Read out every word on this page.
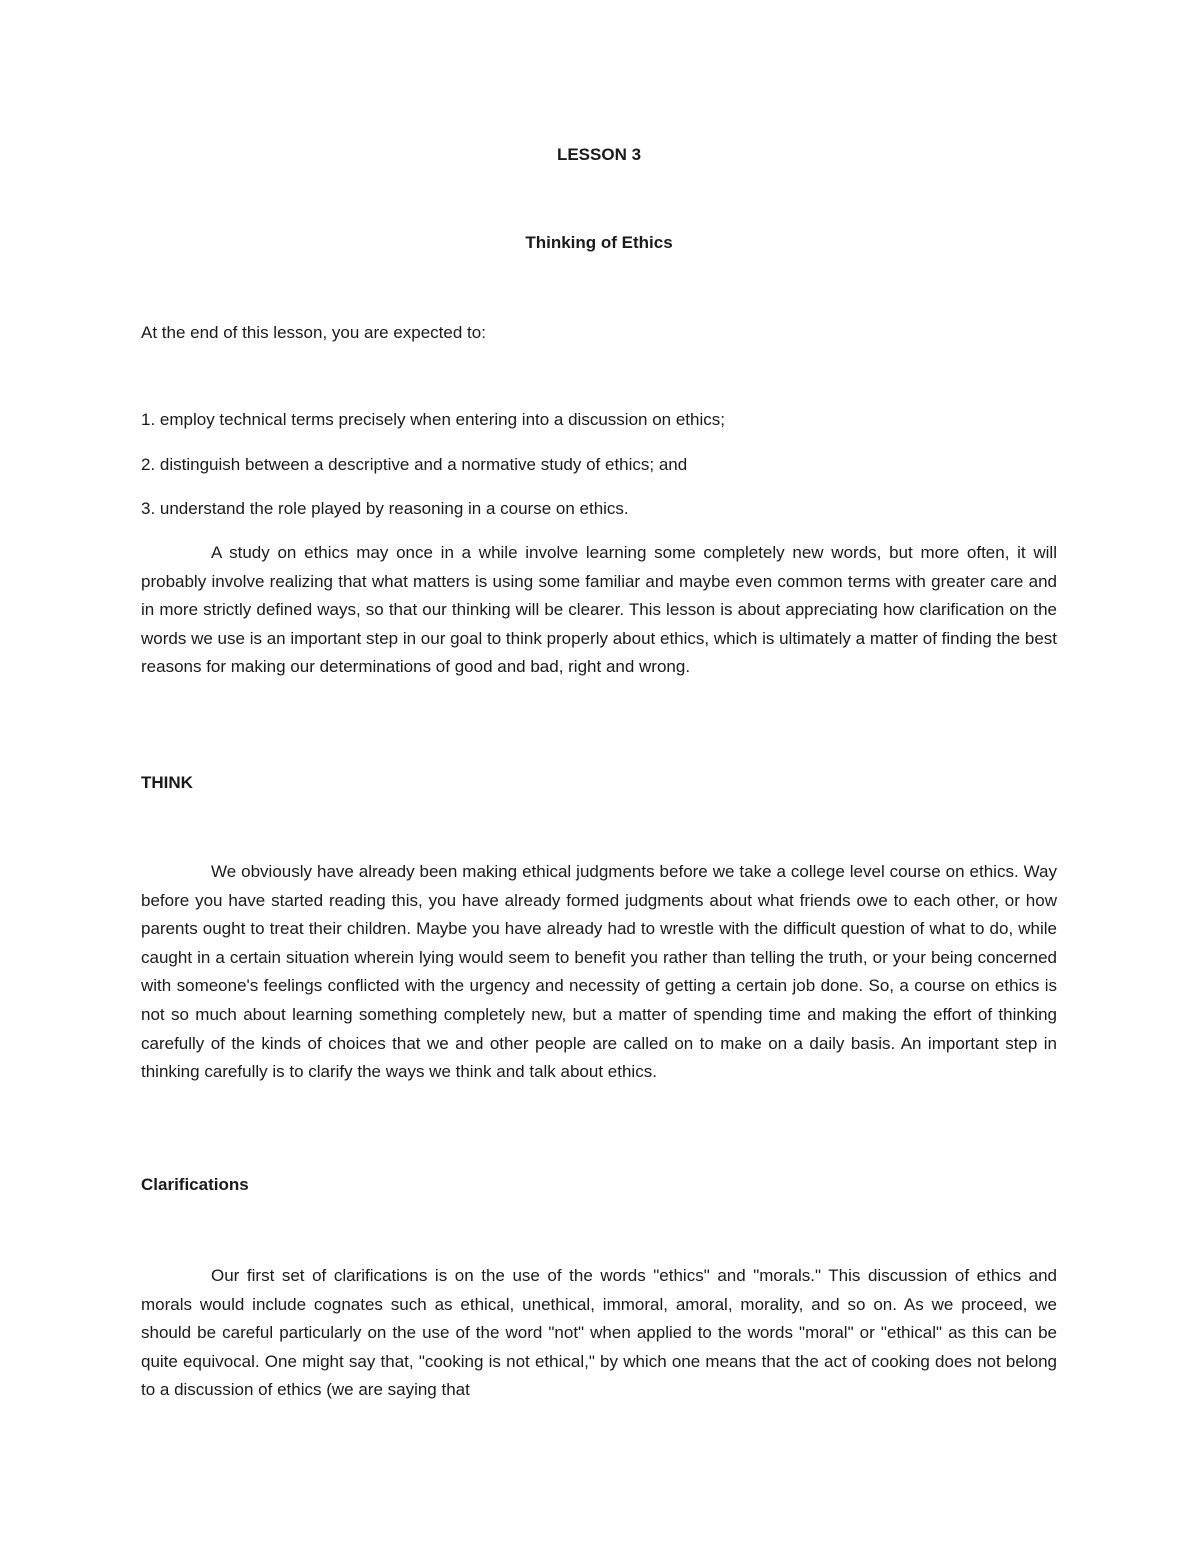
LESSON 3
Thinking of Ethics

At the end of this lesson, you are expected to:

1. employ technical terms precisely when entering into a discussion on ethics;

2. distinguish between a descriptive and a normative study of ethics; and

3. understand the role played by reasoning in a course on ethics.

A study on ethics may once in a while involve learning some completely new words, but more often, it will probably involve realizing that what matters is using some familiar and maybe even common terms with greater care and in more strictly defined ways, so that our thinking will be clearer. This lesson is about appreciating how clarification on the words we use is an important step in our goal to think properly about ethics, which is ultimately a matter of finding the best reasons for making our determinations of good and bad, right and wrong.

THINK

We obviously have already been making ethical judgments before we take a college level course on ethics. Way before you have started reading this, you have already formed judgments about what friends owe to each other, or how parents ought to treat their children. Maybe you have already had to wrestle with the difficult question of what to do, while caught in a certain situation wherein lying would seem to benefit you rather than telling the truth, or your being concerned with someone's feelings conflicted with the urgency and necessity of getting a certain job done. So, a course on ethics is not so much about learning something completely new, but a matter of spending time and making the effort of thinking carefully of the kinds of choices that we and other people are called on to make on a daily basis. An important step in thinking carefully is to clarify the ways we think and talk about ethics.

Clarifications

Our first set of clarifications is on the use of the words "ethics" and "morals." This discussion of ethics and morals would include cognates such as ethical, unethical, immoral, amoral, morality, and so on. As we proceed, we should be careful particularly on the use of the word "not" when applied to the words "moral" or "ethical" as this can be quite equivocal. One might say that, "cooking is not ethical," by which one means that the act of cooking does not belong to a discussion of ethics (we are saying that
